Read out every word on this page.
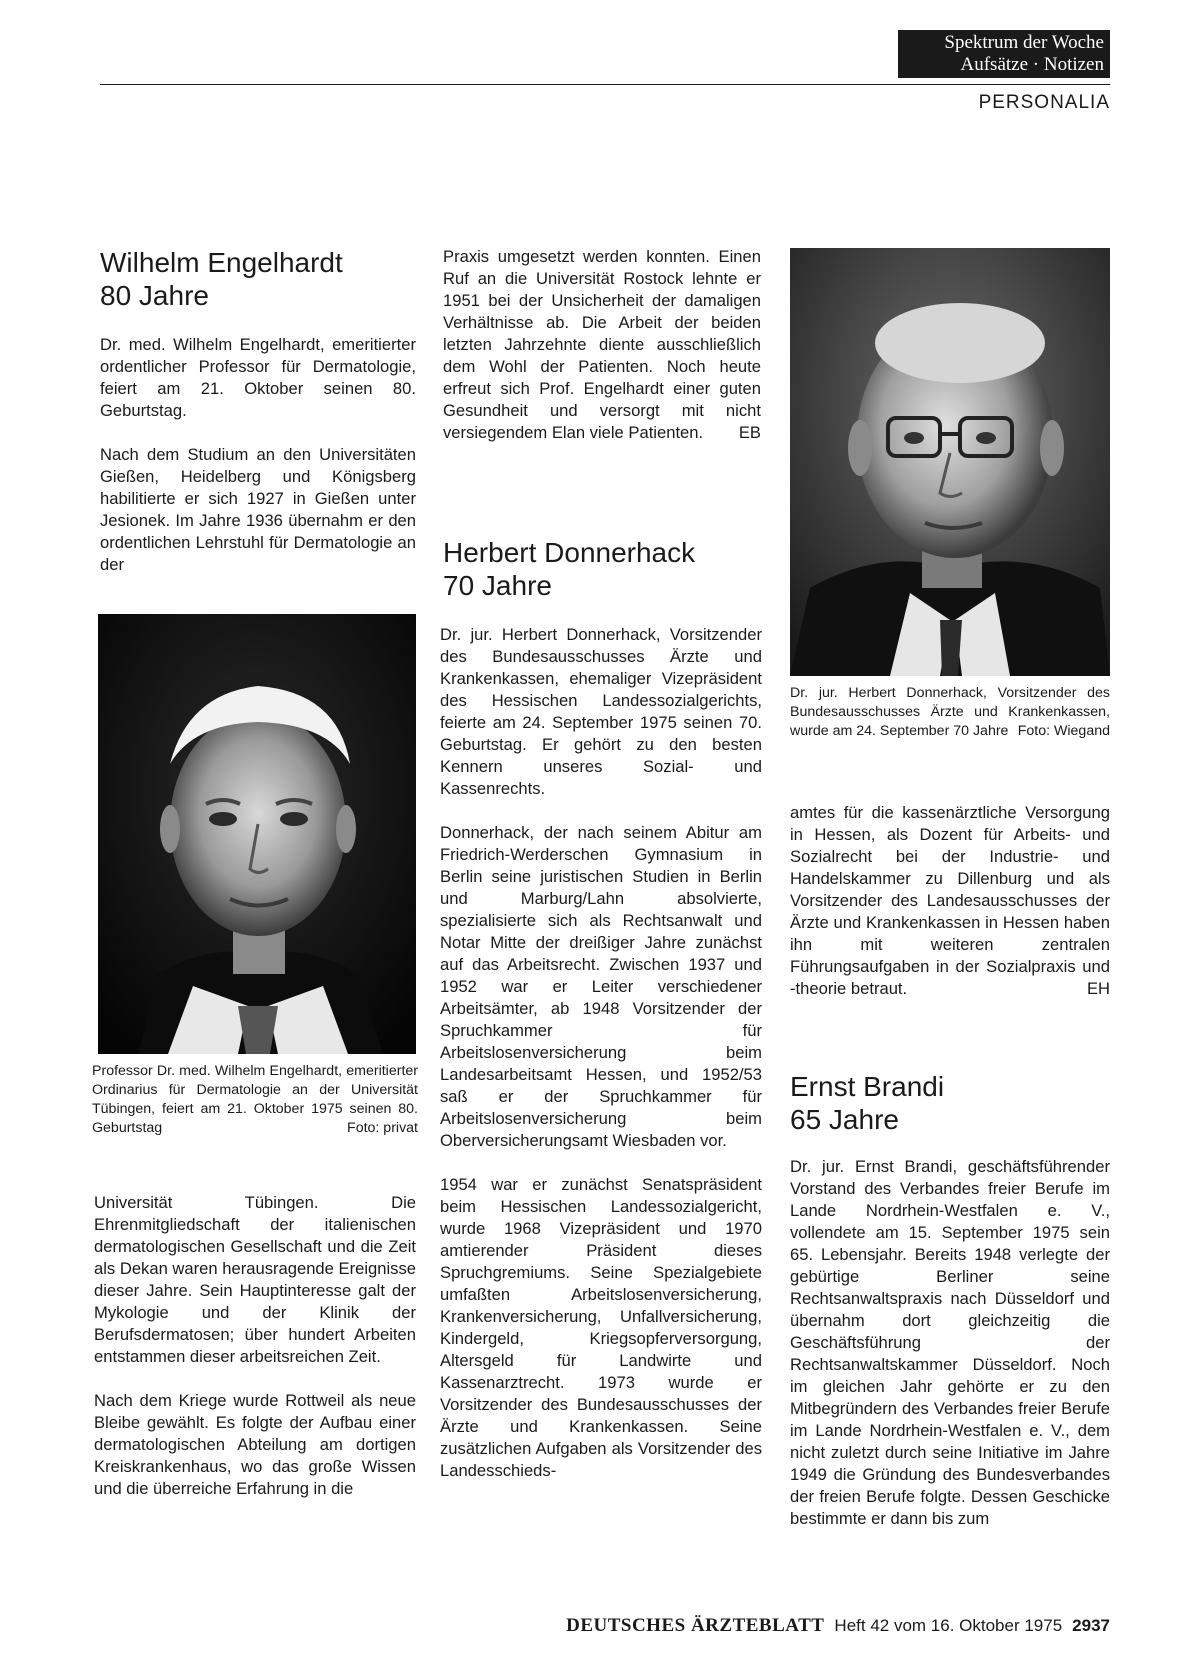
Spektrum der Woche
Aufsätze · Notizen
PERSONALIA
Wilhelm Engelhardt
80 Jahre

Dr. med. Wilhelm Engelhardt, emeritierter ordentlicher Professor für Dermatologie, feiert am 21. Oktober seinen 80. Geburtstag.

Nach dem Studium an den Universitäten Gießen, Heidelberg und Königsberg habilitierte er sich 1927 in Gießen unter Jesionek. Im Jahre 1936 übernahm er den ordentlichen Lehrstuhl für Dermatologie an der

Professor Dr. med. Wilhelm Engelhardt, emeritierter Ordinarius für Dermatologie an der Universität Tübingen, feiert am 21. Oktober 1975 seinen 80. Geburtstag	Foto: privat

Universität Tübingen. Die Ehrenmitgliedschaft der italienischen dermatologischen Gesellschaft und die Zeit als Dekan waren herausragende Ereignisse dieser Jahre. Sein Hauptinteresse galt der Mykologie und der Klinik der Berufsdermatosen; über hundert Arbeiten entstammen dieser arbeitsreichen Zeit.

Nach dem Kriege wurde Rottweil als neue Bleibe gewählt. Es folgte der Aufbau einer dermatologischen Abteilung am dortigen Kreiskrankenhaus, wo das große Wissen und die überreiche Erfahrung in die

Praxis umgesetzt werden konnten. Einen Ruf an die Universität Rostock lehnte er 1951 bei der Unsicherheit der damaligen Verhältnisse ab. Die Arbeit der beiden letzten Jahrzehnte diente ausschließlich dem Wohl der Patienten. Noch heute erfreut sich Prof. Engelhardt einer guten Gesundheit und versorgt mit nicht versiegendem Elan viele Patienten. EB

Herbert Donnerhack
70 Jahre

Dr. jur. Herbert Donnerhack, Vorsitzender des Bundesausschusses Ärzte und Krankenkassen, ehemaliger Vizepräsident des Hessischen Landessozialgerichts, feierte am 24. September 1975 seinen 70. Geburtstag. Er gehört zu den besten Kennern unseres Sozial- und Kassenrechts.

Donnerhack, der nach seinem Abitur am Friedrich-Werderschen Gymnasium in Berlin seine juristischen Studien in Berlin und Marburg/Lahn absolvierte, spezialisierte sich als Rechtsanwalt und Notar Mitte der dreißiger Jahre zunächst auf das Arbeitsrecht. Zwischen 1937 und 1952 war er Leiter verschiedener Arbeitsämter, ab 1948 Vorsitzender der Spruchkammer für Arbeitslosenversicherung beim Landesarbeitsamt Hessen, und 1952/53 saß er der Spruchkammer für Arbeitslosenversicherung beim Oberversicherungsamt Wiesbaden vor.

1954 war er zunächst Senatspräsident beim Hessischen Landessozialgericht, wurde 1968 Vizepräsident und 1970 amtierender Präsident dieses Spruchgremiums. Seine Spezialgebiete umfaßten Arbeitslosenversicherung, Krankenversicherung, Unfallversicherung, Kindergeld, Kriegsopferversorgung, Altersgeld für Landwirte und Kassenarztrecht. 1973 wurde er Vorsitzender des Bundesausschusses der Ärzte und Krankenkassen. Seine zusätzlichen Aufgaben als Vorsitzender des Landesschieds-

Dr. jur. Herbert Donnerhack, Vorsitzender des Bundesausschusses Ärzte und Krankenkassen, wurde am 24. September 70 Jahre Foto: Wiegand

amtes für die kassenärztliche Versorgung in Hessen, als Dozent für Arbeits- und Sozialrecht bei der Industrie- und Handelskammer zu Dillenburg und als Vorsitzender des Landesausschusses der Ärzte und Krankenkassen in Hessen haben ihn mit weiteren zentralen Führungsaufgaben in der Sozialpraxis und -theorie betraut.	EH

Ernst Brandi
65 Jahre

Dr. jur. Ernst Brandi, geschäftsführender Vorstand des Verbandes freier Berufe im Lande Nordrhein-Westfalen e. V., vollendete am 15. September 1975 sein 65. Lebensjahr. Bereits 1948 verlegte der gebürtige Berliner seine Rechtsanwaltspraxis nach Düsseldorf und übernahm dort gleichzeitig die Geschäftsführung der Rechtsanwaltskammer Düsseldorf. Noch im gleichen Jahr gehörte er zu den Mitbegründern des Verbandes freier Berufe im Lande Nordrhein-Westfalen e. V., dem nicht zuletzt durch seine Initiative im Jahre 1949 die Gründung des Bundesverbandes der freien Berufe folgte. Dessen Geschicke bestimmte er dann bis zum

DEUTSCHES ÄRZTEBLATT Heft 42 vom 16. Oktober 1975 2937
